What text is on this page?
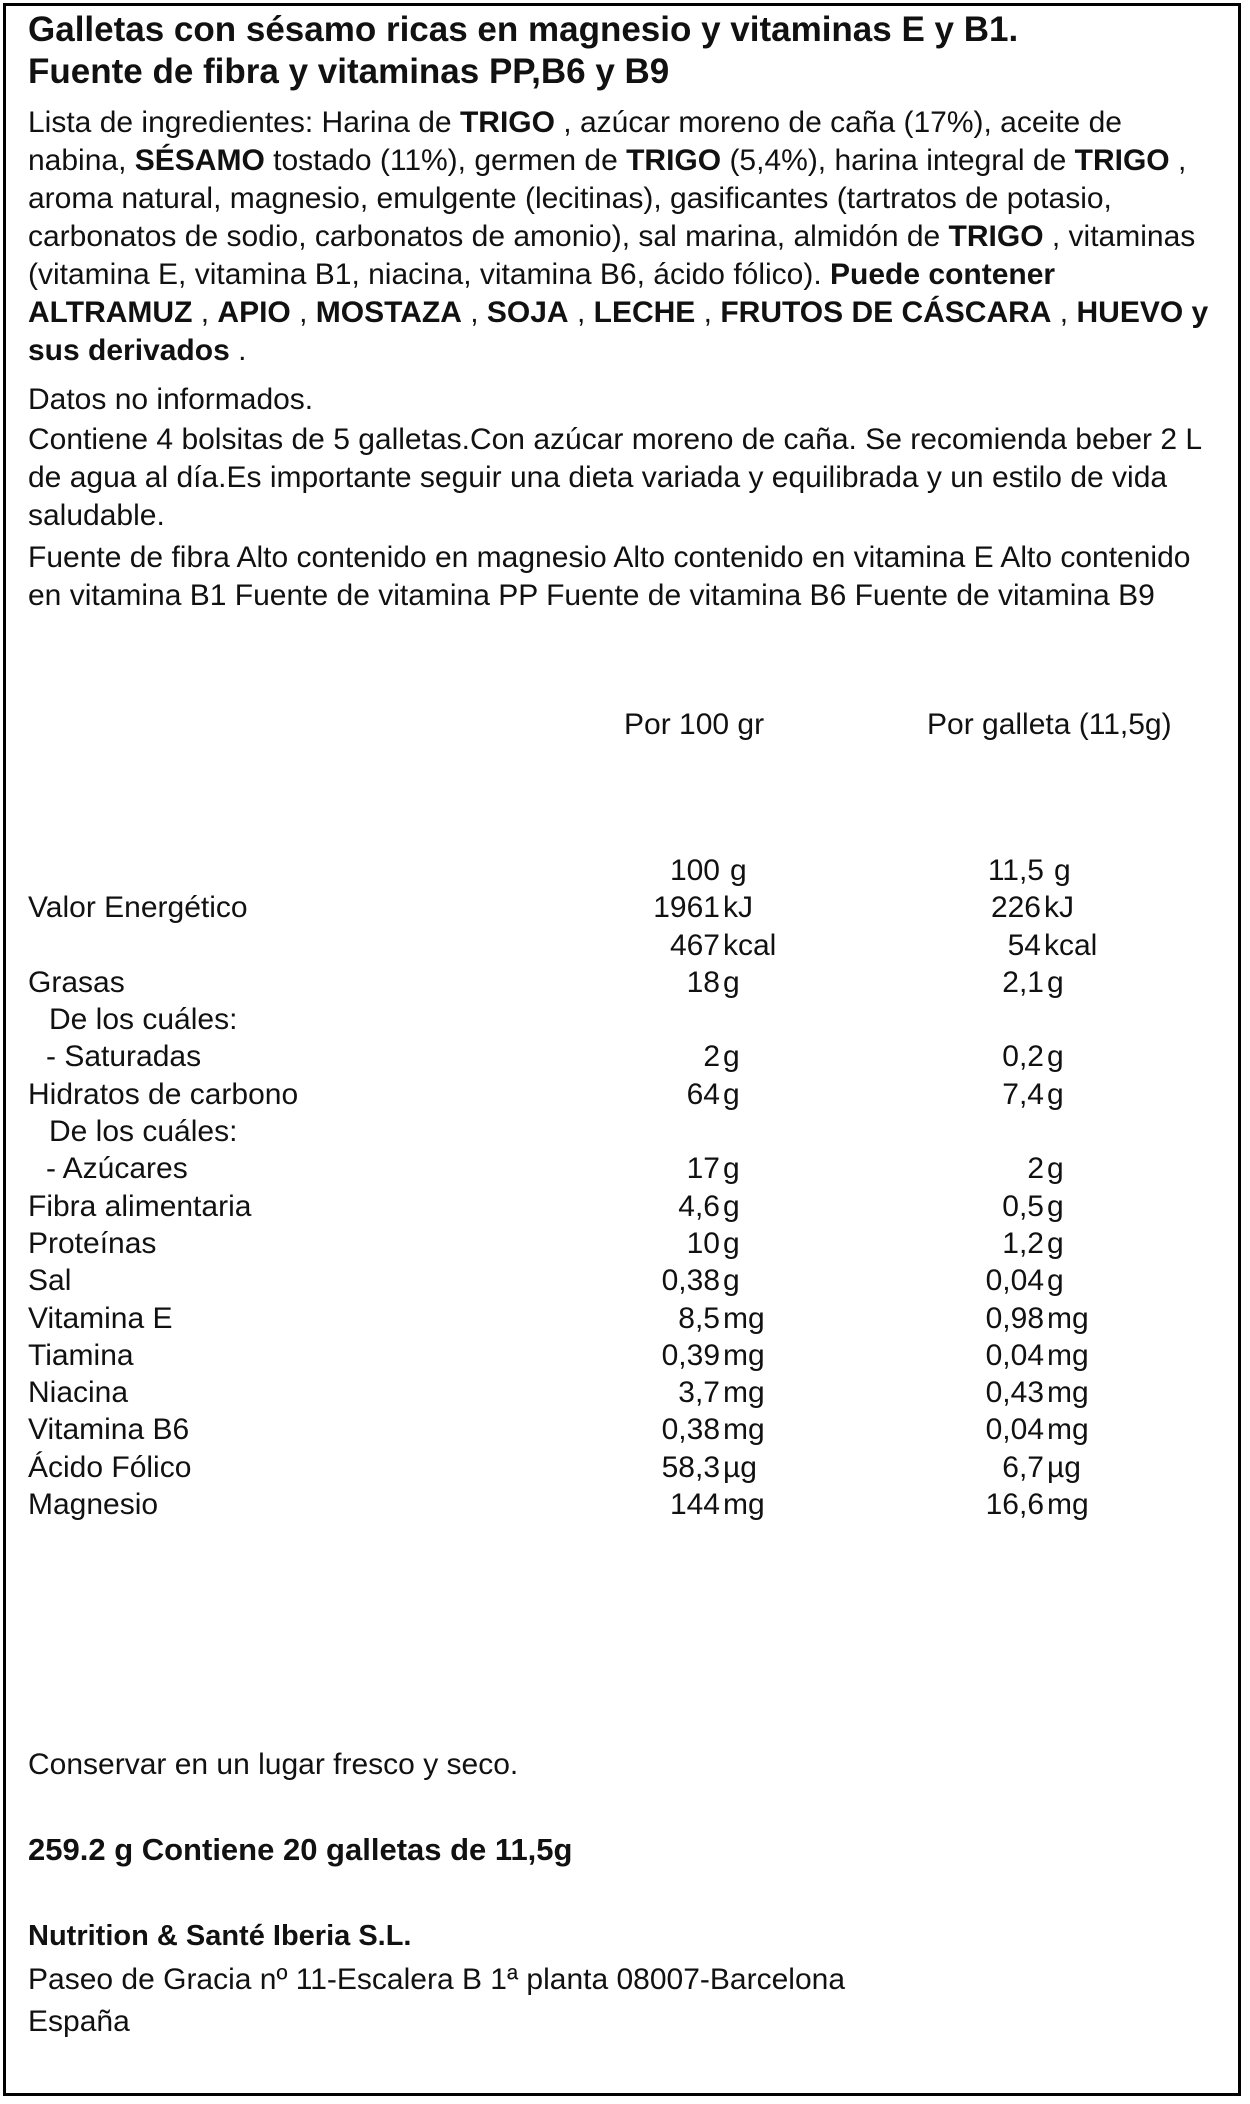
Galletas con sésamo ricas en magnesio y vitaminas E y B1.
Fuente de fibra y vitaminas PP,B6 y B9
Lista de ingredientes: Harina de TRIGO , azúcar moreno de caña (17%), aceite de nabina, SÉSAMO tostado (11%), germen de TRIGO (5,4%), harina integral de TRIGO , aroma natural, magnesio, emulgente (lecitinas), gasificantes (tartratos de potasio, carbonatos de sodio, carbonatos de amonio), sal marina, almidón de TRIGO , vitaminas (vitamina E, vitamina B1, niacina, vitamina B6, ácido fólico). Puede contener ALTRAMUZ , APIO , MOSTAZA , SOJA , LECHE , FRUTOS DE CÁSCARA , HUEVO y sus derivados .
Datos no informados.
Contiene 4 bolsitas de 5 galletas.Con azúcar moreno de caña. Se recomienda beber 2 L de agua al día.Es importante seguir una dieta variada y equilibrada y un estilo de vida saludable.
Fuente de fibra Alto contenido en magnesio Alto contenido en vitamina E Alto contenido en vitamina B1 Fuente de vitamina PP Fuente de vitamina B6 Fuente de vitamina B9
Por 100 gr	Por galleta (11,5g)
100 g	11,5 g
Valor Energético	1961 kJ	226 kJ
467 kcal	54 kcal
Grasas	18 g	2,1 g
De los cuáles:
- Saturadas	2 g	0,2 g
Hidratos de carbono	64 g	7,4 g
De los cuáles:
- Azúcares	17 g	2 g
Fibra alimentaria	4,6 g	0,5 g
Proteínas	10 g	1,2 g
Sal	0,38 g	0,04 g
Vitamina E	8,5 mg	0,98 mg
Tiamina	0,39 mg	0,04 mg
Niacina	3,7 mg	0,43 mg
Vitamina B6	0,38 mg	0,04 mg
Ácido Fólico	58,3 µg	6,7 µg
Magnesio	144 mg	16,6 mg
Conservar en un lugar fresco y seco.
259.2 g Contiene 20 galletas de 11,5g
Nutrition & Santé Iberia S.L.
Paseo de Gracia nº 11-Escalera B 1ª planta 08007-Barcelona
España
